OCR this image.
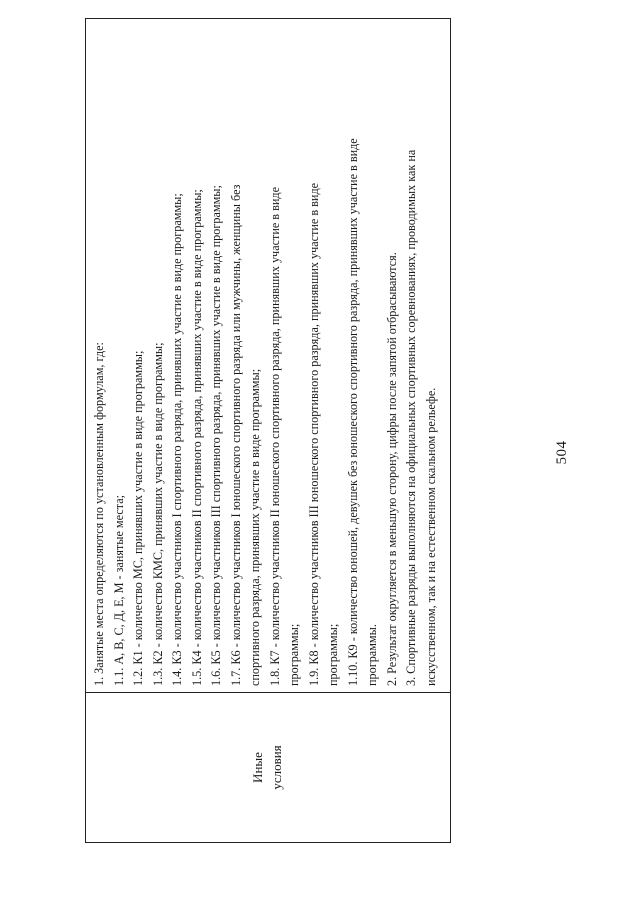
Иные условия
1. Занятые места определяются по установленным формулам, где: 1.1. А, В, С, Д, Е, М - занятые места; 1.2. К1 - количество МС, принявших участие в виде программы; 1.3. К2 - количество КМС, принявших участие в виде программы; 1.4. К3 - количество участников I спортивного разряда, принявших участие в виде программы; 1.5. К4 - количество участников II спортивного разряда, принявших участие в виде программы; 1.6. К5 - количество участников III спортивного разряда, принявших участие в виде программы; 1.7. К6 - количество участников I юношеского спортивного разряда или мужчины, женщины без спортивного разряда, принявших участие в виде программы; 1.8. К7 - количество участников II юношеского спортивного разряда, принявших участие в виде программы; 1.9. К8 - количество участников III юношеского спортивного разряда, принявших участие в виде программы; 1.10. К9 - количество юношей, девушек без юношеского спортивного разряда, принявших участие в виде программы. 2. Результат округляется в меньшую сторону, цифры после запятой отбрасываются. 3. Спортивные разряды выполняются на официальных спортивных соревнованиях, проводимых как на искусственном, так и на естественном скальном рельефе.	504
